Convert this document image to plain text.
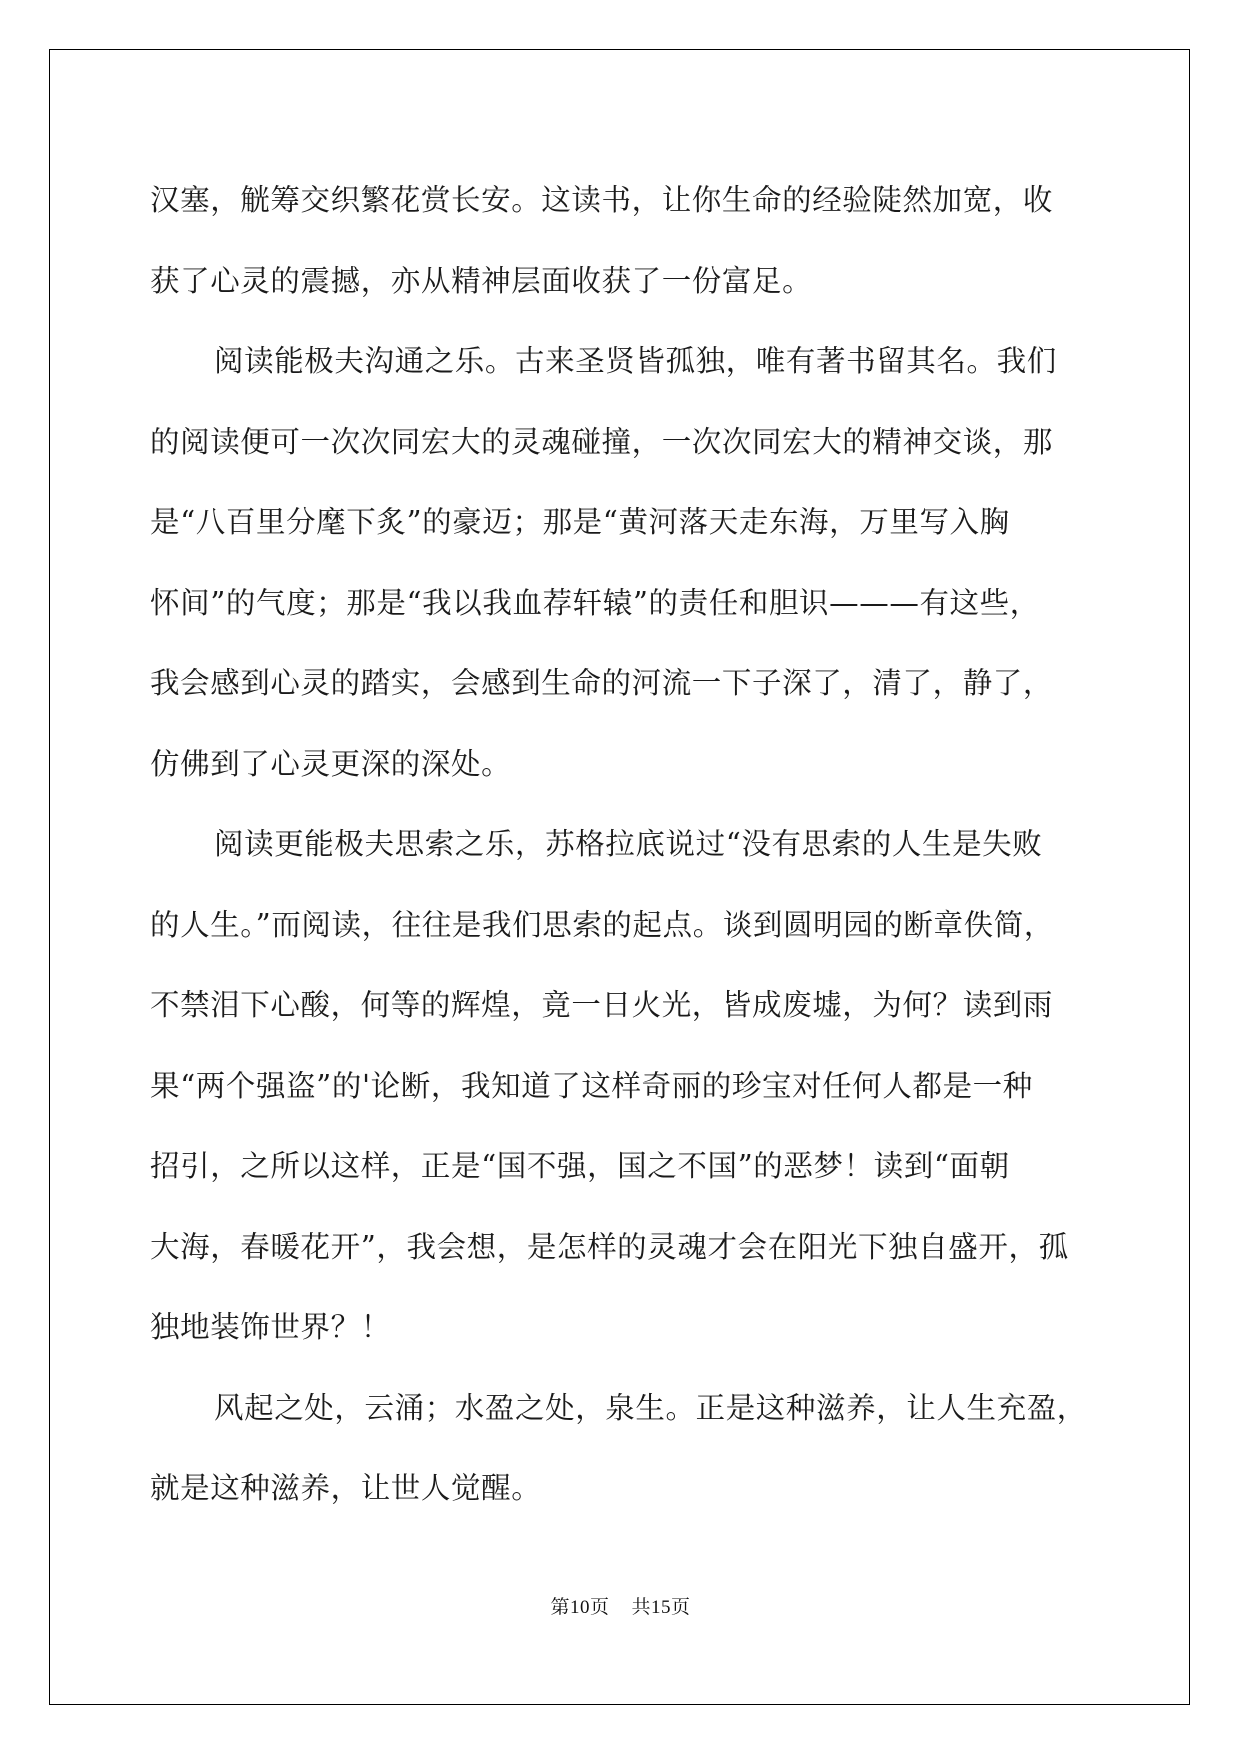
汉塞，觥筹交织繁花赏长安。这读书，让你生命的经验陡然加宽，收
获了心灵的震撼，亦从精神层面收获了一份富足。
阅读能极夫沟通之乐。古来圣贤皆孤独，唯有著书留其名。我们
的阅读便可一次次同宏大的灵魂碰撞，一次次同宏大的精神交谈，那
是“八百里分麾下炙”的豪迈；那是“黄河落天走东海，万里写入胸
怀间”的气度；那是“我以我血荐轩辕”的责任和胆识———有这些，
我会感到心灵的踏实，会感到生命的河流一下子深了，清了，静了，
仿佛到了心灵更深的深处。
阅读更能极夫思索之乐，苏格拉底说过“没有思索的人生是失败
的人生。”而阅读，往往是我们思索的起点。谈到圆明园的断章佚简，
不禁泪下心酸，何等的辉煌，竟一日火光，皆成废墟，为何？读到雨
果“两个强盗”的'论断，我知道了这样奇丽的珍宝对任何人都是一种
招引，之所以这样，正是“国不强，国之不国”的恶梦！读到“面朝
大海，春暖花开”，我会想，是怎样的灵魂才会在阳光下独自盛开，孤
独地装饰世界？！
风起之处，云涌；水盈之处，泉生。正是这种滋养，让人生充盈，
就是这种滋养，让世人觉醒。
第10页 共15页
